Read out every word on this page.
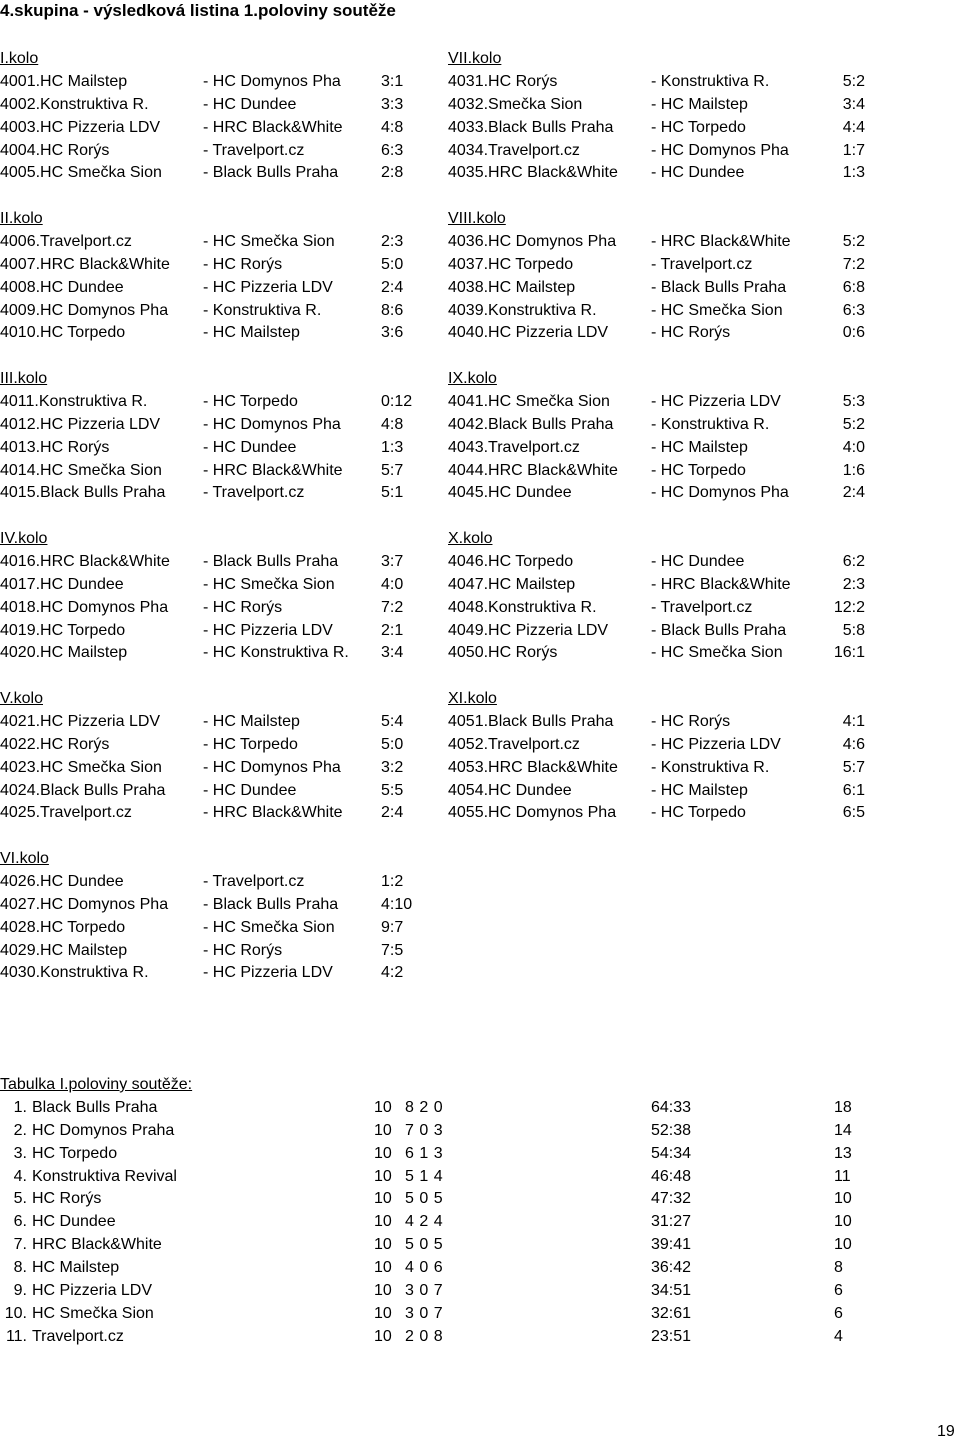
4.skupina - výsledková listina 1.poloviny soutěže
I.kolo
4001.HC Mailstep	- HC Domynos Pha	3:1
4002.Konstruktiva R.	- HC Dundee	3:3
4003.HC Pizzeria LDV	- HRC Black&White 4:8
4004.HC Rorýs	- Travelport.cz	6:3
4005.HC Smečka Sion	- Black Bulls Praha	2:8
II.kolo
4006.Travelport.cz	- HC Smečka Sion	2:3
4007.HRC Black&White - HC Rorýs	5:0
4008.HC Dundee	- HC Pizzeria LDV	2:4
4009.HC Domynos Pha - Konstruktiva R.	8:6
4010.HC Torpedo	- HC Mailstep	3:6
III.kolo
4011.Konstruktiva R.	- HC Torpedo	0:12
4012.HC Pizzeria LDV	- HC Domynos Pha	4:8
4013.HC Rorýs	- HC Dundee	1:3
4014.HC Smečka Sion	- HRC Black&White 5:7
4015.Black Bulls Praha - Travelport.cz	5:1
IV.kolo
4016.HRC Black&White - Black Bulls Praha	3:7
4017.HC Dundee	- HC Smečka Sion	4:0
4018.HC Domynos Pha - HC Rorýs	7:2
4019.HC Torpedo	- HC Pizzeria LDV	2:1
4020.HC Mailstep	- HC Konstruktiva R. 3:4
V.kolo
4021.HC Pizzeria LDV	- HC Mailstep	5:4
4022.HC Rorýs	- HC Torpedo	5:0
4023.HC Smečka Sion	- HC Domynos Pha	3:2
4024.Black Bulls Praha - HC Dundee	5:5
4025.Travelport.cz	- HRC Black&White 2:4
VI.kolo
4026.HC Dundee	- Travelport.cz	1:2
4027.HC Domynos Pha - Black Bulls Praha	4:10
4028.HC Torpedo	- HC Smečka Sion	9:7
4029.HC Mailstep	- HC Rorýs	7:5
4030.Konstruktiva R.	- HC Pizzeria LDV	4:2
VII.kolo
4031.HC Rorýs	- Konstruktiva R.	5:2
4032.Smečka Sion	- HC Mailstep	3:4
4033.Black Bulls Praha - HC Torpedo	4:4
4034.Travelport.cz	- HC Domynos Pha	1:7
4035.HRC Black&White - HC Dundee	1:3
VIII.kolo
4036.HC Domynos Pha - HRC Black&White	5:2
4037.HC Torpedo	- Travelport.cz	7:2
4038.HC Mailstep	- Black Bulls Praha	6:8
4039.Konstruktiva R.	- HC Smečka Sion	6:3
4040.HC Pizzeria LDV	- HC Rorýs	0:6
IX.kolo
4041.HC Smečka Sion	- HC Pizzeria LDV	5:3
4042.Black Bulls Praha - Konstruktiva R.	5:2
4043.Travelport.cz	- HC Mailstep	4:0
4044.HRC Black&White - HC Torpedo	1:6
4045.HC Dundee	- HC Domynos Pha	2:4
X.kolo
4046.HC Torpedo	- HC Dundee	6:2
4047.HC Mailstep	- HRC Black&White	2:3
4048.Konstruktiva R.	- Travelport.cz	12:2
4049.HC Pizzeria LDV	- Black Bulls Praha	5:8
4050.HC Rorýs	- HC Smečka Sion	16:1
XI.kolo
4051.Black Bulls Praha - HC Rorýs	4:1
4052.Travelport.cz	- HC Pizzeria LDV	4:6
4053.HRC Black&White - Konstruktiva R.	5:7
4054.HC Dundee	- HC Mailstep	6:1
4055.HC Domynos Pha - HC Torpedo	6:5
Tabulka I.poloviny soutěže:
1. Black Bulls Praha	10 8 2 0	64:33	18
2. HC Domynos Praha	10 7 0 3	52:38	14
3. HC Torpedo	10 6 1 3	54:34	13
4. Konstruktiva Revival	10 5 1 4	46:48	11
5. HC Rorýs	10 5 0 5	47:32	10
6. HC Dundee	10 4 2 4	31:27	10
7. HRC Black&White	10 5 0 5	39:41	10
8. HC Mailstep	10 4 0 6	36:42	8
9. HC Pizzeria LDV	10 3 0 7	34:51	6
10. HC Smečka Sion	10 3 0 7	32:61	6
11. Travelport.cz	10 2 0 8	23:51	4
19
